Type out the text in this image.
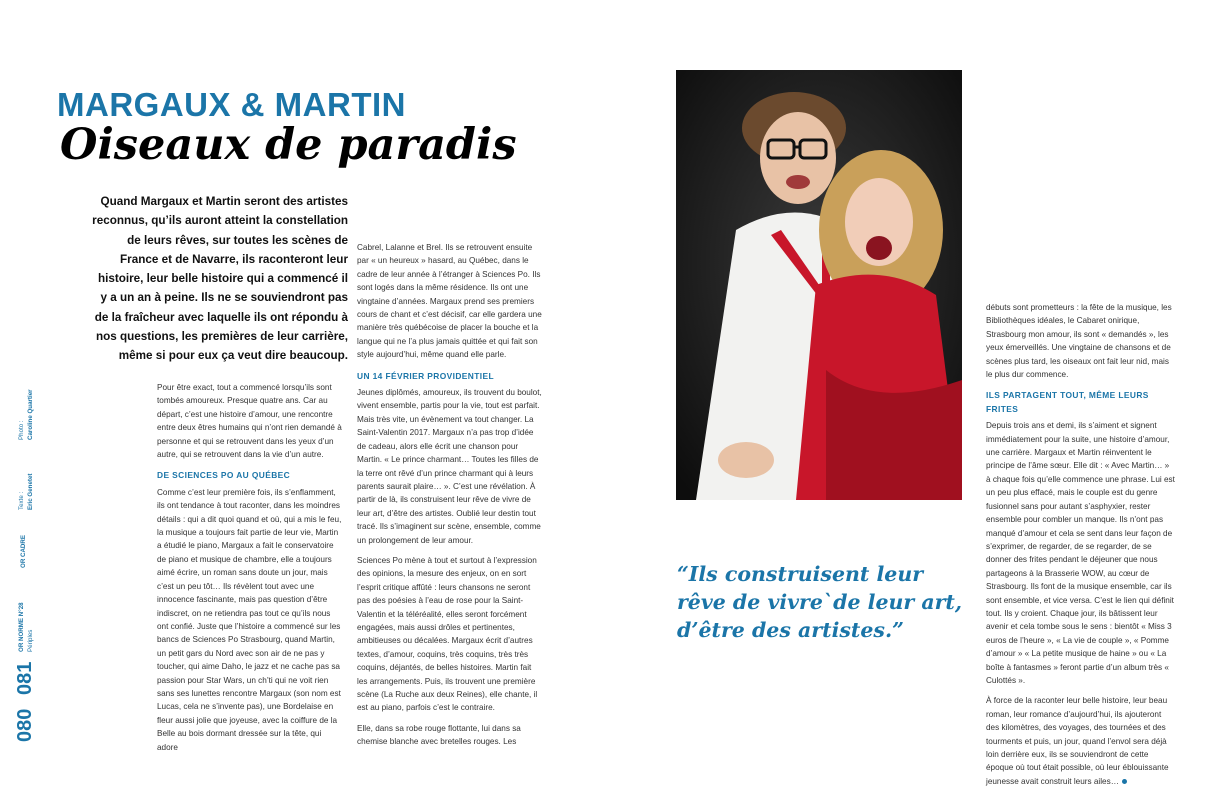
MARGAUX & MARTIN
Oiseaux de paradis
Quand Margaux et Martin seront des artistes reconnus, qu’ils auront atteint la constellation de leurs rêves, sur toutes les scènes de France et de Navarre, ils raconteront leur histoire, leur belle histoire qui a commencé il y a un an à peine. Ils ne se souviendront pas de la fraîcheur avec laquelle ils ont répondu à nos questions, les premières de leur carrière, même si pour eux ça veut dire beaucoup.

Pour être exact, tout a commencé lorsqu’ils sont tombés amoureux. Presque quatre ans. Car au départ, c’est une histoire d’amour, une rencontre entre deux êtres humains qui n’ont rien demandé à personne et qui se retrouvent dans les yeux d’un autre, qui se retrouvent dans la vie d’un autre.

DE SCIENCES PO AU QUÉBEC

Comme c’est leur première fois, ils s’enflamment, ils ont tendance à tout raconter, dans les moindres détails : qui a dit quoi quand et où, qui a mis le feu, la musique a toujours fait partie de leur vie, Martin a étudié le piano, Margaux a fait le conservatoire de piano et musique de chambre, elle a toujours aimé écrire, un roman sans doute un jour, mais c’est un peu tôt… Ils révèlent tout avec une innocence fascinante, mais pas question d’être indiscret, on ne retiendra pas tout ce qu’ils nous ont confié. Juste que l’histoire a commencé sur les bancs de Sciences Po Strasbourg, quand Martin, un petit gars du Nord avec son air de ne pas y toucher, qui aime Daho, le jazz et ne cache pas sa passion pour Star Wars, un ch’ti qui ne voit rien sans ses lunettes rencontre Margaux (son nom est Lucas, cela ne s’invente pas), une Bordelaise en fleur aussi jolie que joyeuse, avec la coiffure de la Belle au bois dormant dressée sur la tête, qui adore

Cabrel, Lalanne et Brel. Ils se retrouvent ensuite par « un heureux » hasard, au Québec, dans le cadre de leur année à l’étranger à Sciences Po. Ils sont logés dans la même résidence. Ils ont une vingtaine d’années. Margaux prend ses premiers cours de chant et c’est décisif, car elle gardera une manière très québécoise de placer la bouche et la langue qui ne l’a plus jamais quittée et qui fait son style aujourd’hui, même quand elle parle.

UN 14 FÉVRIER PROVIDENTIEL

Jeunes diplômés, amoureux, ils trouvent du boulot, vivent ensemble, partis pour la vie, tout est parfait. Mais très vite, un évènement va tout changer. La Saint-Valentin 2017. Margaux n’a pas trop d’idée de cadeau, alors elle écrit une chanson pour Martin. « Le prince charmant… Toutes les filles de la terre ont rêvé d’un prince charmant qui à leurs parents saurait plaire… ». C’est une révélation. À partir de là, ils construisent leur rêve de vivre de leur art, d’être des artistes. Oublié leur destin tout tracé. Ils s’imaginent sur scène, ensemble, comme un prolongement de leur amour.

Sciences Po mène à tout et surtout à l’expression des opinions, la mesure des enjeux, on en sort l’esprit critique affûté : leurs chansons ne seront pas des poésies à l’eau de rose pour la Saint-Valentin et la téléréalité, elles seront forcément engagées, mais aussi drôles et pertinentes, ambitieuses ou décalées. Margaux écrit d’autres textes, d’amour, coquins, très coquins, très très coquins, déjantés, de belles histoires. Martin fait les arrangements. Puis, ils trouvent une première scène (La Ruche aux deux Reines), elle chante, il est au piano, parfois c’est le contraire.

Elle, dans sa robe rouge flottante, lui dans sa chemise blanche avec bretelles rouges. Les

“Ils construisent leur rêve de vivre`de leur art, d’être des artistes.”

débuts sont prometteurs : la fête de la musique, les Bibliothèques idéales, le Cabaret onirique, Strasbourg mon amour, ils sont « demandés », les yeux émerveillés. Une vingtaine de chansons et de scènes plus tard, les oiseaux ont fait leur nid, mais le plus dur commence.

ILS PARTAGENT TOUT, MÊME LEURS FRITES

Depuis trois ans et demi, ils s’aiment et signent immédiatement pour la suite, une histoire d’amour, une carrière. Margaux et Martin réinventent le principe de l’âme sœur. Elle dit : « Avec Martin… » à chaque fois qu’elle commence une phrase. Lui est un peu plus effacé, mais le couple est du genre fusionnel sans pour autant s’asphyxier, rester ensemble pour combler un manque. Ils n’ont pas manqué d’amour et cela se sent dans leur façon de s’exprimer, de regarder, de se regarder, de se donner des frites pendant le déjeuner que nous partageons à la Brasserie WOW, au cœur de Strasbourg. Ils font de la musique ensemble, car ils sont ensemble, et vice versa. C’est le lien qui définit tout. Ils y croient. Chaque jour, ils bâtissent leur avenir et cela tombe sous le sens : bientôt « Miss 3 euros de l’heure », « La vie de couple », « Pomme d’amour » « La petite musique de haine » ou « La boîte à fantasmes » feront partie d’un album très « Culottés ».

À force de la raconter leur belle histoire, leur beau roman, leur romance d’aujourd’hui, ils ajouteront des kilomètres, des voyages, des tournées et des tourments et puis, un jour, quand l’envol sera déjà loin derrière eux, ils se souviendront de cette époque où tout était possible, où leur éblouissante jeunesse avait construit leurs ailes…

Photo : Caroline Quartier
Texte : Eric Genetet
OR CADRE
OR NORME N°28 Périples
081
080
